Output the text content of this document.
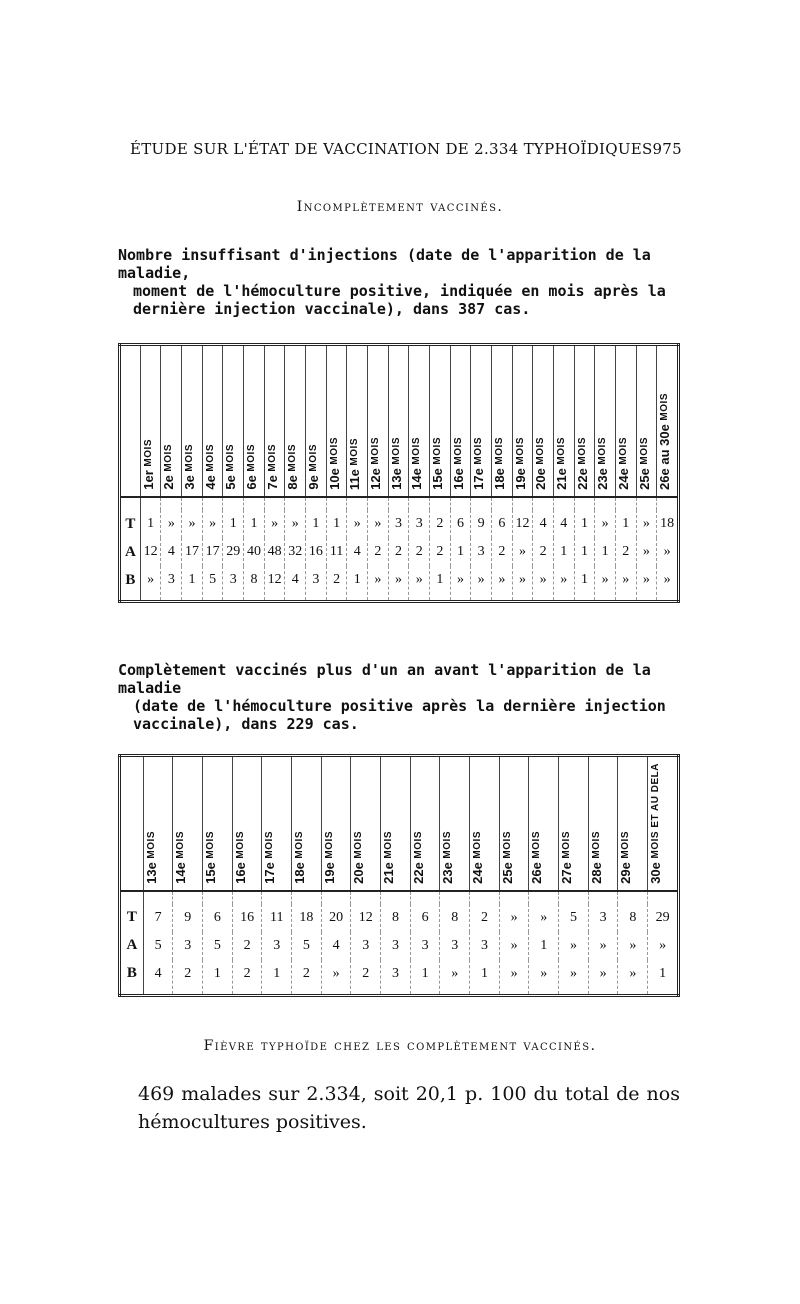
ÉTUDE SUR L'ÉTAT DE VACCINATION DE 2.334 TYPHOÏDIQUES 975
Incomplètement vaccinés.
Nombre insuffisant d'injections (date de l'apparition de la maladie,
moment de l'hémoculture positive, indiquée en mois après la dernière injection vaccinale), dans 387 cas.

	1er MOIS	2e MOIS	3e MOIS	4e MOIS	5e MOIS	6e MOIS	7e MOIS	8e MOIS	9e MOIS	10e MOIS	11e MOIS	12e MOIS	13e MOIS	14e MOIS	15e MOIS	16e MOIS	17e MOIS	18e MOIS	19e MOIS	20e MOIS	21e MOIS	22e MOIS	23e MOIS	24e MOIS	25e MOIS	26e au 30e MOIS

T	1	»	»	»	1	1	»	»	1	1	»	»	3	3	2	6	9	6	12	4	4	1	»	1	»	18
A	12	4	17	17	29	40	48	32	16	11	4	2	2	2	2	1	3	2	»	2	1	1	1	2	»	»
B	»	3	1	5	3	8	12	4	3	2	1	»	»	»	1	»	»	»	»	»	»	1	»	»	»	»
Complètement vaccinés plus d'un an avant l'apparition de la maladie
(date de l'hémoculture positive après la dernière injection vaccinale), dans 229 cas.

	13e MOIS	14e MOIS	15e MOIS	16e MOIS	17e MOIS	18e MOIS	19e MOIS	20e MOIS	21e MOIS	22e MOIS	23e MOIS	24e MOIS	25e MOIS	26e MOIS	27e MOIS	28e MOIS	29e MOIS	30e MOIS ET AU DELA

T	7	9	6	16	11	18	20	12	8	6	8	2	»	»	5	3	8	29
A	5	3	5	2	3	5	4	3	3	3	3	3	»	1	»	»	»	»
B	4	2	1	2	1	2	»	2	3	1	»	1	»	»	»	»	»	1
Fièvre typhoïde chez les complètement vaccinés.
469 malades sur 2.334, soit 20,1 p. 100 du total de nos hémocultures positives.
